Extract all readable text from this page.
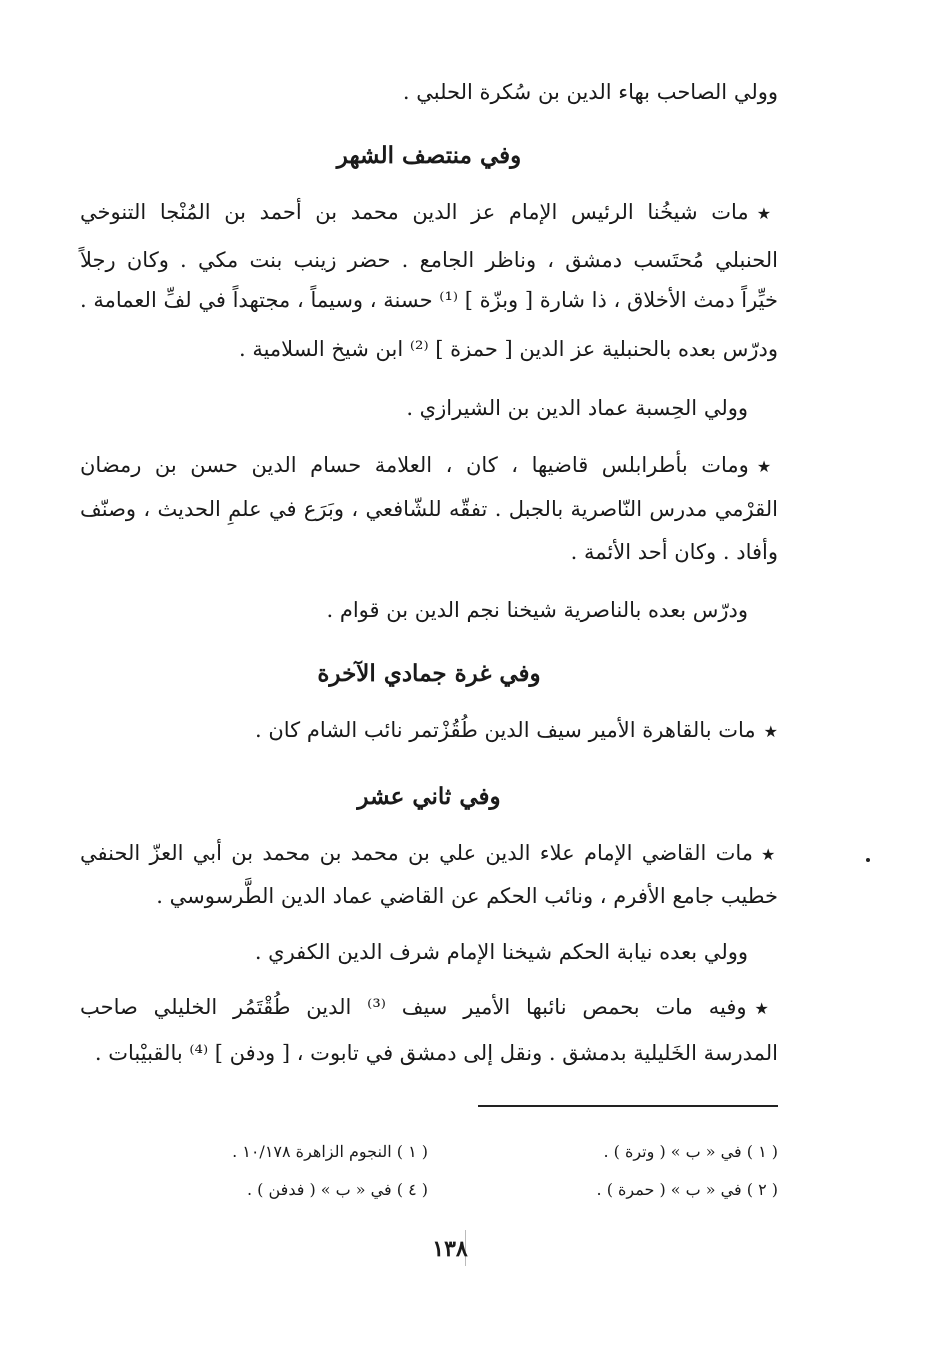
وولي الصاحب بهاء الدين بن سُكرة الحلبي .
وفي منتصف الشهر
★مات شيخُنا الرئيس الإمام عز الدين محمد بن أحمد بن المُنْجا التنوخي
الحنبلي مُحتَسب دمشق ، وناظر الجامع . حضر زينب بنت مكي . وكان رجلاً
خيِّراً دمث الأخلاق ، ذا شارة [ وبزّة ] ⁽¹⁾ حسنة ، وسيماً ، مجتهداً في لفِّ العمامة .
ودرّس بعده بالحنبلية عز الدين [ حمزة ] ⁽²⁾ ابن شيخ السلامية .
وولي الحِسبة عماد الدين بن الشيرازي .
★ومات بأطرابلس قاضيها ، كان ، العلامة حسام الدين حسن بن رمضان
القرْمي مدرس النّاصرية بالجبل . تفقّه للشّافعي ، وبَرَع في علمِ الحديث ، وصنّف
وأفاد . وكان أحد الأئمة .
ودرّس بعده بالناصرية شيخنا نجم الدين بن قوام .
وفي غرة جمادي الآخرة
★مات بالقاهرة الأمير سيف الدين طُقُزْتمر نائب الشام كان .
وفي ثاني عشر
★مات القاضي الإمام علاء الدين علي بن محمد بن محمد بن أبي العزّ الحنفي
خطيب جامع الأفرم ، ونائب الحكم عن القاضي عماد الدين الطَّرسوسي .
وولي بعده نيابة الحكم شيخنا الإمام شرف الدين الكفري .
★وفيه مات بحمص نائبها الأمير سيف ⁽³⁾ الدين طُقْتَمُر الخليلي صاحب
المدرسة الخَليلية بدمشق . ونقل إلى دمشق في تابوت ، [ ودفن ] ⁽⁴⁾ بالقبيْبات .
( ١ ) في « ب » ( وترة ) .
( ٢ ) في « ب » ( حمرة ) .
( ١ ) النجوم الزاهرة ١٠/١٧٨ .
( ٤ ) في « ب » ( فدفن ) .
١٣٨
